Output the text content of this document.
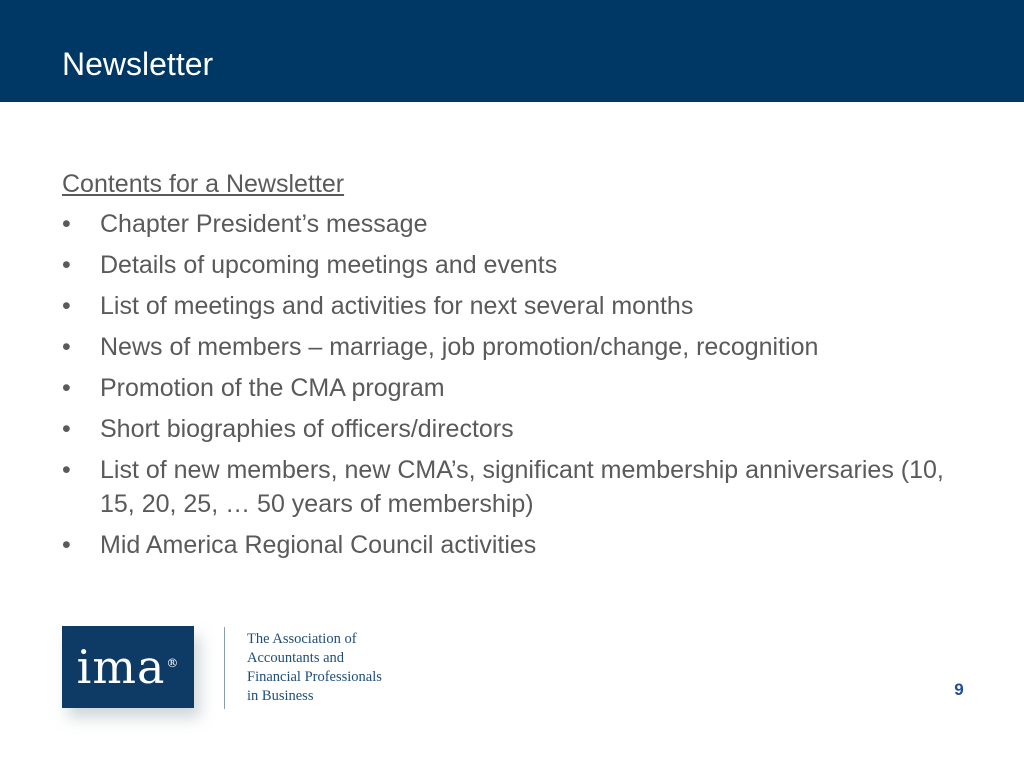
Newsletter
Contents for a Newsletter
•	Chapter President’s message
•	Details of upcoming meetings and events
•	List of meetings and activities for next several months
•	News of members – marriage, job promotion/change, recognition
•	Promotion of the CMA program
•	Short biographies of officers/directors
•	List of new members, new CMA’s, significant membership anniversaries (10, 15, 20, 25, … 50 years of membership)
•	Mid America Regional Council activities
ima®
The Association of
Accountants and
Financial Professionals
in Business	9
